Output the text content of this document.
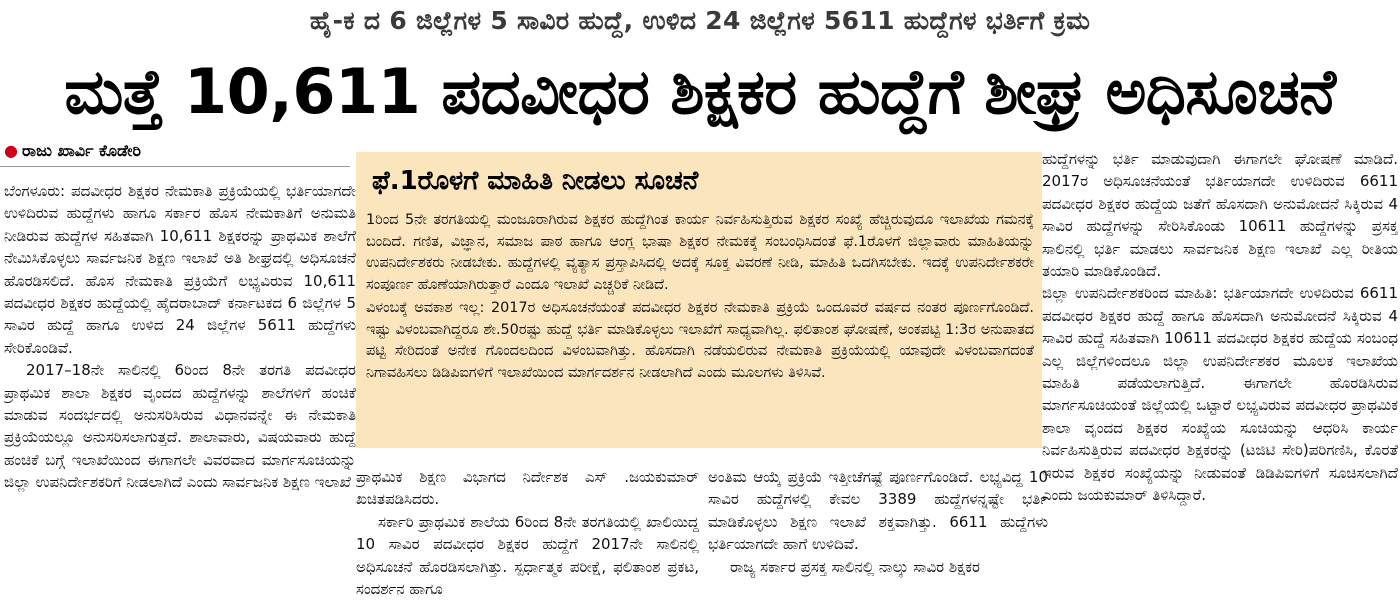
ಹೈ-ಕ ದ 6 ಜಿಲ್ಲೆಗಳ 5 ಸಾವಿರ ಹುದ್ದೆ, ಉಳಿದ 24 ಜಿಲ್ಲೆಗಳ 5611 ಹುದ್ದೆಗಳ ಭರ್ತಿಗೆ ಕ್ರಮ
ಮತ್ತೆ 10,611 ಪದವೀಧರ ಶಿಕ್ಷಕರ ಹುದ್ದೆಗೆ ಶೀಘ್ರ ಅಧಿಸೂಚನೆ
● ರಾಜು ಖಾರ್ವಿ ಕೊಡೇರಿ

ಬೆಂಗಳೂರು: ಪದವೀಧರ ಶಿಕ್ಷಕರ ನೇಮಕಾತಿ ಪ್ರಕ್ರಿಯೆಯಲ್ಲಿ ಭರ್ತಿಯಾಗದೇ ಉಳಿದಿರುವ ಹುದ್ದೆಗಳು ಹಾಗೂ ಸರ್ಕಾರ ಹೊಸ ನೇಮಕಾತಿಗೆ ಅನುಮತಿ ನೀಡಿರುವ ಹುದ್ದೆಗಳ ಸಹಿತವಾಗಿ 10,611 ಶಿಕ್ಷಕರನ್ನು ಪ್ರಾಥಮಿಕ ಶಾಲೆಗೆ ನೇಮಿಸಿಕೊಳ್ಳಲು ಸಾರ್ವಜನಿಕ ಶಿಕ್ಷಣ ಇಲಾಖೆ ಅತಿ ಶೀಘ್ರದಲ್ಲಿ ಅಧಿಸೂಚನೆ ಹೊರಡಿಸಲಿದೆ. ಹೊಸ ನೇಮಕಾತಿ ಪ್ರಕ್ರಿಯೆಗೆ ಲಭ್ಯವಿರುವ 10,611 ಪದವೀಧರ ಶಿಕ್ಷಕರ ಹುದ್ದೆಯಲ್ಲಿ ಹೈದರಾಬಾದ್ ಕರ್ನಾಟಕದ 6 ಜಿಲ್ಲೆಗಳ 5 ಸಾವಿರ ಹುದ್ದೆ ಹಾಗೂ ಉಳಿದ 24 ಜಿಲ್ಲೆಗಳ 5611 ಹುದ್ದೆಗಳು ಸೇರಿಕೊಂಡಿವೆ.

2017–18ನೇ ಸಾಲಿನಲ್ಲಿ 6ರಿಂದ 8ನೇ ತರಗತಿ ಪದವೀಧರ ಪ್ರಾಥಮಿಕ ಶಾಲಾ ಶಿಕ್ಷಕರ ವೃಂದದ ಹುದ್ದೆಗಳನ್ನು ಶಾಲೆಗಳಿಗೆ ಹಂಚಿಕೆ ಮಾಡುವ ಸಂದರ್ಭದಲ್ಲಿ ಅನುಸರಿಸಿರುವ ವಿಧಾನವನ್ನೇ ಈ ನೇಮಕಾತಿ ಪ್ರಕ್ರಿಯೆಯಲ್ಲೂ ಅನುಸರಿಸಲಾಗುತ್ತದೆ. ಶಾಲಾವಾರು, ವಿಷಯವಾರು ಹುದ್ದೆ ಹಂಚಿಕೆ ಬಗ್ಗೆ ಇಲಾಖೆಯಿಂದ ಈಗಾಗಲೇ ವಿವರವಾದ ಮಾರ್ಗಸೂಚಿಯನ್ನು ಜಿಲ್ಲಾ ಉಪನಿರ್ದೇಶಕರಿಗೆ ನೀಡಲಾಗಿದೆ ಎಂದು ಸಾರ್ವಜನಿಕ ಶಿಕ್ಷಣ ಇಲಾಖೆ

ಫೆ.1ರೊಳಗೆ ಮಾಹಿತಿ ನೀಡಲು ಸೂಚನೆ

1ರಿಂದ 5ನೇ ತರಗತಿಯಲ್ಲಿ ಮಂಜೂರಾಗಿರುವ ಶಿಕ್ಷಕರ ಹುದ್ದೆಗಿಂತ ಕಾರ್ಯ ನಿರ್ವಹಿಸುತ್ತಿರುವ ಶಿಕ್ಷಕರ ಸಂಖ್ಯೆ ಹೆಚ್ಚಿರುವುದೂ ಇಲಾಖೆಯ ಗಮನಕ್ಕೆ ಬಂದಿದೆ. ಗಣಿತ, ವಿಜ್ಞಾನ, ಸಮಾಜ ಪಾಠ ಹಾಗೂ ಆಂಗ್ಲ ಭಾಷಾ ಶಿಕ್ಷಕರ ನೇಮಕಕ್ಕೆ ಸಂಬಂಧಿಸಿದಂತೆ ಫೆ.1ರೊಳಗೆ ಜಿಲ್ಲಾವಾರು ಮಾಹಿತಿಯನ್ನು ಉಪನಿರ್ದೇಶಕರು ನೀಡಬೇಕು. ಹುದ್ದೆಗಳಲ್ಲಿ ವ್ಯತ್ಯಾಸ ಪ್ರಸ್ತಾಪಿಸಿದಲ್ಲಿ ಅದಕ್ಕೆ ಸೂಕ್ತ ವಿವರಣೆ ನೀಡಿ, ಮಾಹಿತಿ ಒದಗಿಸಬೇಕು. ಇದಕ್ಕೆ ಉಪನಿರ್ದೇಶಕರೇ ಸಂಪೂರ್ಣ ಹೊಣೆಯಾಗಿರುತ್ತಾರೆ ಎಂದೂ ಇಲಾಖೆ ಎಚ್ಚರಿಕೆ ನೀಡಿದೆ.

ವಿಳಂಬಕ್ಕೆ ಅವಕಾಶ ಇಲ್ಲ: 2017ರ ಅಧಿಸೂಚನೆಯಂತೆ ಪದವೀಧರ ಶಿಕ್ಷಕರ ನೇಮಕಾತಿ ಪ್ರಕ್ರಿಯೆ ಒಂದೂವರೆ ವರ್ಷದ ನಂತರ ಪೂರ್ಣಗೊಂಡಿದೆ. ಇಷ್ಟು ವಿಳಂಬವಾಗಿದ್ದರೂ ಶೇ.50ರಷ್ಟು ಹುದ್ದೆ ಭರ್ತಿ ಮಾಡಿಕೊಳ್ಳಲು ಇಲಾಖೆಗೆ ಸಾಧ್ಯವಾಗಿಲ್ಲ. ಫಲಿತಾಂಶ ಘೋಷಣೆ, ಅಂಕಪಟ್ಟಿ 1:3ರ ಅನುಪಾತದ ಪಟ್ಟಿ ಸೇರಿದಂತೆ ಅನೇಕ ಗೊಂದಲದಿಂದ ವಿಳಂಬವಾಗಿತ್ತು. ಹೊಸದಾಗಿ ನಡೆಯಲಿರುವ ನೇಮಕಾತಿ ಪ್ರಕ್ರಿಯೆಯಲ್ಲಿ ಯಾವುದೇ ವಿಳಂಬವಾಗದಂತೆ ನಿಗಾವಹಿಸಲು ಡಿಡಿಪಿಐಗಳಿಗೆ ಇಲಾಖೆಯಿಂದ ಮಾರ್ಗದರ್ಶನ ನೀಡಲಾಗಿದೆ ಎಂದು ಮೂಲಗಳು ತಿಳಿಸಿವೆ.

ಪ್ರಾಥಮಿಕ ಶಿಕ್ಷಣ ವಿಭಾಗದ ನಿರ್ದೇಶಕ ಎಸ್ .ಜಯಕುಮಾರ್ ಖಚಿತಪಡಿಸಿದರು.

ಸರ್ಕಾರಿ ಪ್ರಾಥಮಿಕ ಶಾಲೆಯ 6ರಿಂದ 8ನೇ ತರಗತಿಯಲ್ಲಿ ಖಾಲಿಯಿದ್ದ 10 ಸಾವಿರ ಪದವೀಧರ ಶಿಕ್ಷಕರ ಹುದ್ದೆಗೆ 2017ನೇ ಸಾಲಿನಲ್ಲಿ ಅಧಿಸೂಚನೆ ಹೊರಡಿಸಲಾಗಿತ್ತು. ಸ್ಪರ್ಧಾತ್ಮಕ ಪರೀಕ್ಷೆ, ಫಲಿತಾಂಶ ಪ್ರಕಟ, ಸಂದರ್ಶನ ಹಾಗೂ

ಅಂತಿಮ ಆಯ್ಕೆ ಪ್ರಕ್ರಿಯೆ ಇತ್ತೀಚೆಗಷ್ಟೆ ಪೂರ್ಣಗೊಂಡಿದೆ. ಲಭ್ಯವಿದ್ದ 10 ಸಾವಿರ ಹುದ್ದೆಗಳಲ್ಲಿ ಕೇವಲ 3389 ಹುದ್ದೆಗಳನ್ನಷ್ಟೇ ಭರ್ತಿ ಮಾಡಿಕೊಳ್ಳಲು ಶಿಕ್ಷಣ ಇಲಾಖೆ ಶಕ್ತವಾಗಿತ್ತು. 6611 ಹುದ್ದೆಗಳು ಭರ್ತಿಯಾಗದೇ ಹಾಗೆ ಉಳಿದಿವೆ.

ರಾಜ್ಯ ಸರ್ಕಾರ ಪ್ರಸಕ್ತ ಸಾಲಿನಲ್ಲಿ ನಾಲ್ಕು ಸಾವಿರ ಶಿಕ್ಷಕರ

ಹುದ್ದೆಗಳನ್ನು ಭರ್ತಿ ಮಾಡುವುದಾಗಿ ಈಗಾಗಲೇ ಘೋಷಣೆ ಮಾಡಿದೆ. 2017ರ ಅಧಿಸೂಚನೆಯಂತೆ ಭರ್ತಿಯಾಗದೇ ಉಳಿದಿರುವ 6611 ಪದವೀಧರ ಶಿಕ್ಷಕರ ಹುದ್ದೆಯ ಜತೆಗೆ ಹೊಸದಾಗಿ ಅನುಮೋದನೆ ಸಿಕ್ಕಿರುವ 4 ಸಾವಿರ ಹುದ್ದೆಗಳನ್ನು ಸೇರಿಸಿಕೊಂಡು 10611 ಹುದ್ದೆಗಳನ್ನು ಪ್ರಸಕ್ತ ಸಾಲಿನಲ್ಲಿ ಭರ್ತಿ ಮಾಡಲು ಸಾರ್ವಜನಿಕ ಶಿಕ್ಷಣ ಇಲಾಖೆ ಎಲ್ಲ ರೀತಿಯ ತಯಾರಿ ಮಾಡಿಕೊಂಡಿದೆ.

ಜಿಲ್ಲಾ ಉಪನಿರ್ದೇಶಕರಿಂದ ಮಾಹಿತಿ: ಭರ್ತಿಯಾಗದೇ ಉಳಿದಿರುವ 6611 ಪದವೀಧರ ಶಿಕ್ಷಕರ ಹುದ್ದೆ ಹಾಗೂ ಹೊಸದಾಗಿ ಅನುಮೋದನೆ ಸಿಕ್ಕಿರುವ 4 ಸಾವಿರ ಹುದ್ದೆ ಸಹಿತವಾಗಿ 10611 ಪದವೀಧರ ಶಿಕ್ಷಕರ ಹುದ್ದೆಯ ಸಂಬಂಧ ಎಲ್ಲ ಜಿಲ್ಲೆಗಳಿಂದಲೂ ಜಿಲ್ಲಾ ಉಪನಿರ್ದೇಶಕರ ಮೂಲಕ ಇಲಾಖೆಯ ಮಾಹಿತಿ ಪಡೆಯಲಾಗುತ್ತಿದೆ. ಈಗಾಗಲೇ ಹೊರಡಿಸಿರುವ ಮಾರ್ಗಸೂಚಿಯಂತೆ ಜಿಲ್ಲೆಯಲ್ಲಿ ಒಟ್ಟಾರೆ ಲಭ್ಯವಿರುವ ಪದವೀಧರ ಪ್ರಾಥಮಿಕ ಶಾಲಾ ವೃಂದದ ಶಿಕ್ಷಕರ ಸಂಖ್ಯೆಯ ಸೂಚಿಯನ್ನು ಆಧರಿಸಿ ಕಾರ್ಯ ನಿರ್ವಹಿಸುತ್ತಿರುವ ಪದವೀಧರ ಶಿಕ್ಷಕರನ್ನು (ಟಜಿಟಿ ಸೇರಿ)ಪರಿಗಣಿಸಿ, ಕೊರತೆ ಇರುವ ಶಿಕ್ಷಕರ ಸಂಖ್ಯೆಯನ್ನು ನೀಡುವಂತೆ ಡಿಡಿಪಿಐಗಳಿಗೆ ಸೂಚಿಸಲಾಗಿದೆ ಎಂದು ಜಯಕುಮಾರ್ ತಿಳಿಸಿದ್ದಾರೆ.
